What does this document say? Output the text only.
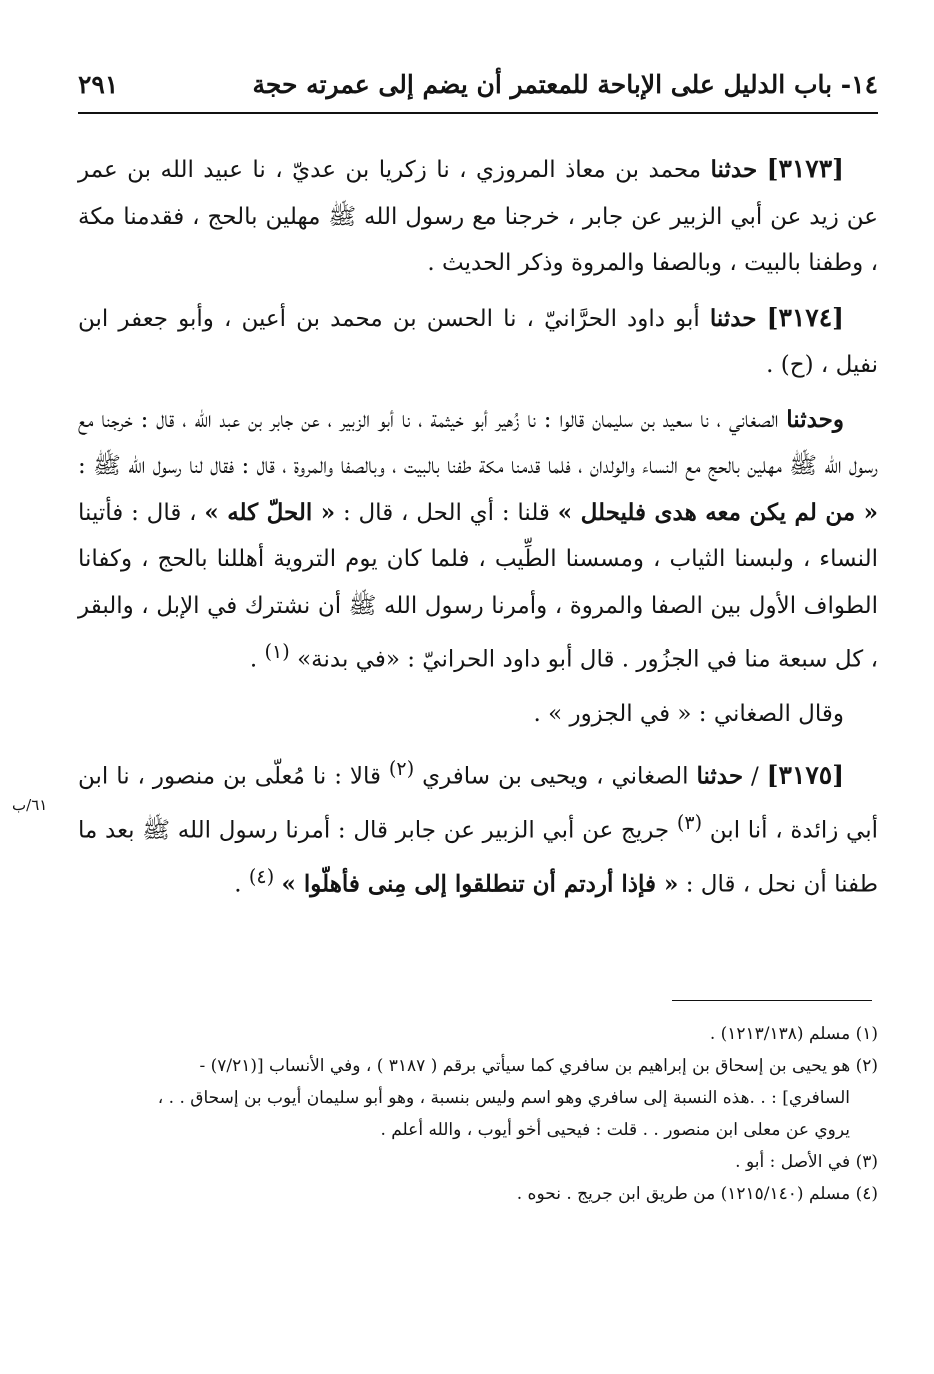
١٤- باب الدليل على الإباحة للمعتمر أن يضم إلى عمرته حجة
٢٩١
٦١/ب

[٣١٧٣] حدثنا محمد بن معاذ المروزي ، نا زكريا بن عديّ ، نا عبيد الله بن عمر عن زيد عن أبي الزبير عن جابر ، خرجنا مع رسول الله ﷺ مهلين بالحج ، فقدمنا مكة ، وطفنا بالبيت ، وبالصفا والمروة وذكر الحديث .

[٣١٧٤] حدثنا أبو داود الحرَّانيّ ، نا الحسن بن محمد بن أعين ، وأبو جعفر ابن نفيل ، (ح) .

وحدثنا الصغاني ، نا سعيد بن سليمان قالوا : نا زُهير أبو خيثمة ، نا أبو الزبير ، عن جابر بن عبد الله ، قال : خرجنا مع رسول الله ﷺ مهلين بالحج مع النساء والولدان ، فلما قدمنا مكة طفنا بالبيت ، وبالصفا والمروة ، قال : فقال لنا رسول الله ﷺ : « من لم يكن معه هدى فليحلل » قلنا : أي الحل ، قال : « الحلّ كله » ، قال : فأتينا النساء ، ولبسنا الثياب ، ومسسنا الطِّيب ، فلما كان يوم التروية أهللنا بالحج ، وكفانا الطواف الأول بين الصفا والمروة ، وأمرنا رسول الله ﷺ أن نشترك في الإبل ، والبقر ، كل سبعة منا في الجزُور . قال أبو داود الحرانيّ : «في بدنة» $^{(١)}$ .

وقال الصغاني : « في الجزور » .

[٣١٧٥] / حدثنا الصغاني ، ويحيى بن سافري $^{(٢)}$ قالا : نا مُعلّى بن منصور ، نا ابن أبي زائدة ، أنا ابن $^{(٣)}$ جريج عن أبي الزبير عن جابر قال : أمرنا رسول الله ﷺ بعد ما طفنا أن نحل ، قال : « فإذا أردتم أن تنطلقوا إلى مِنى فأهلّوا » $^{(٤)}$ .

(١) مسلم (١٢١٣/١٣٨) .

(٢) هو يحيى بن إسحاق بن إبراهيم بن سافري كما سيأتي برقم ( ٣١٨٧ ) ، وفي الأنساب [(٧/٢١) -
السافري] : . .هذه النسبة إلى سافري وهو اسم وليس بنسبة ، وهو أبو سليمان أيوب بن إسحاق . . ،
يروي عن معلى ابن منصور . . قلت : فيحيى أخو أيوب ، والله أعلم .

(٣) في الأصل : أبو .

(٤) مسلم (١٢١٥/١٤٠) من طريق ابن جريج . نحوه .
